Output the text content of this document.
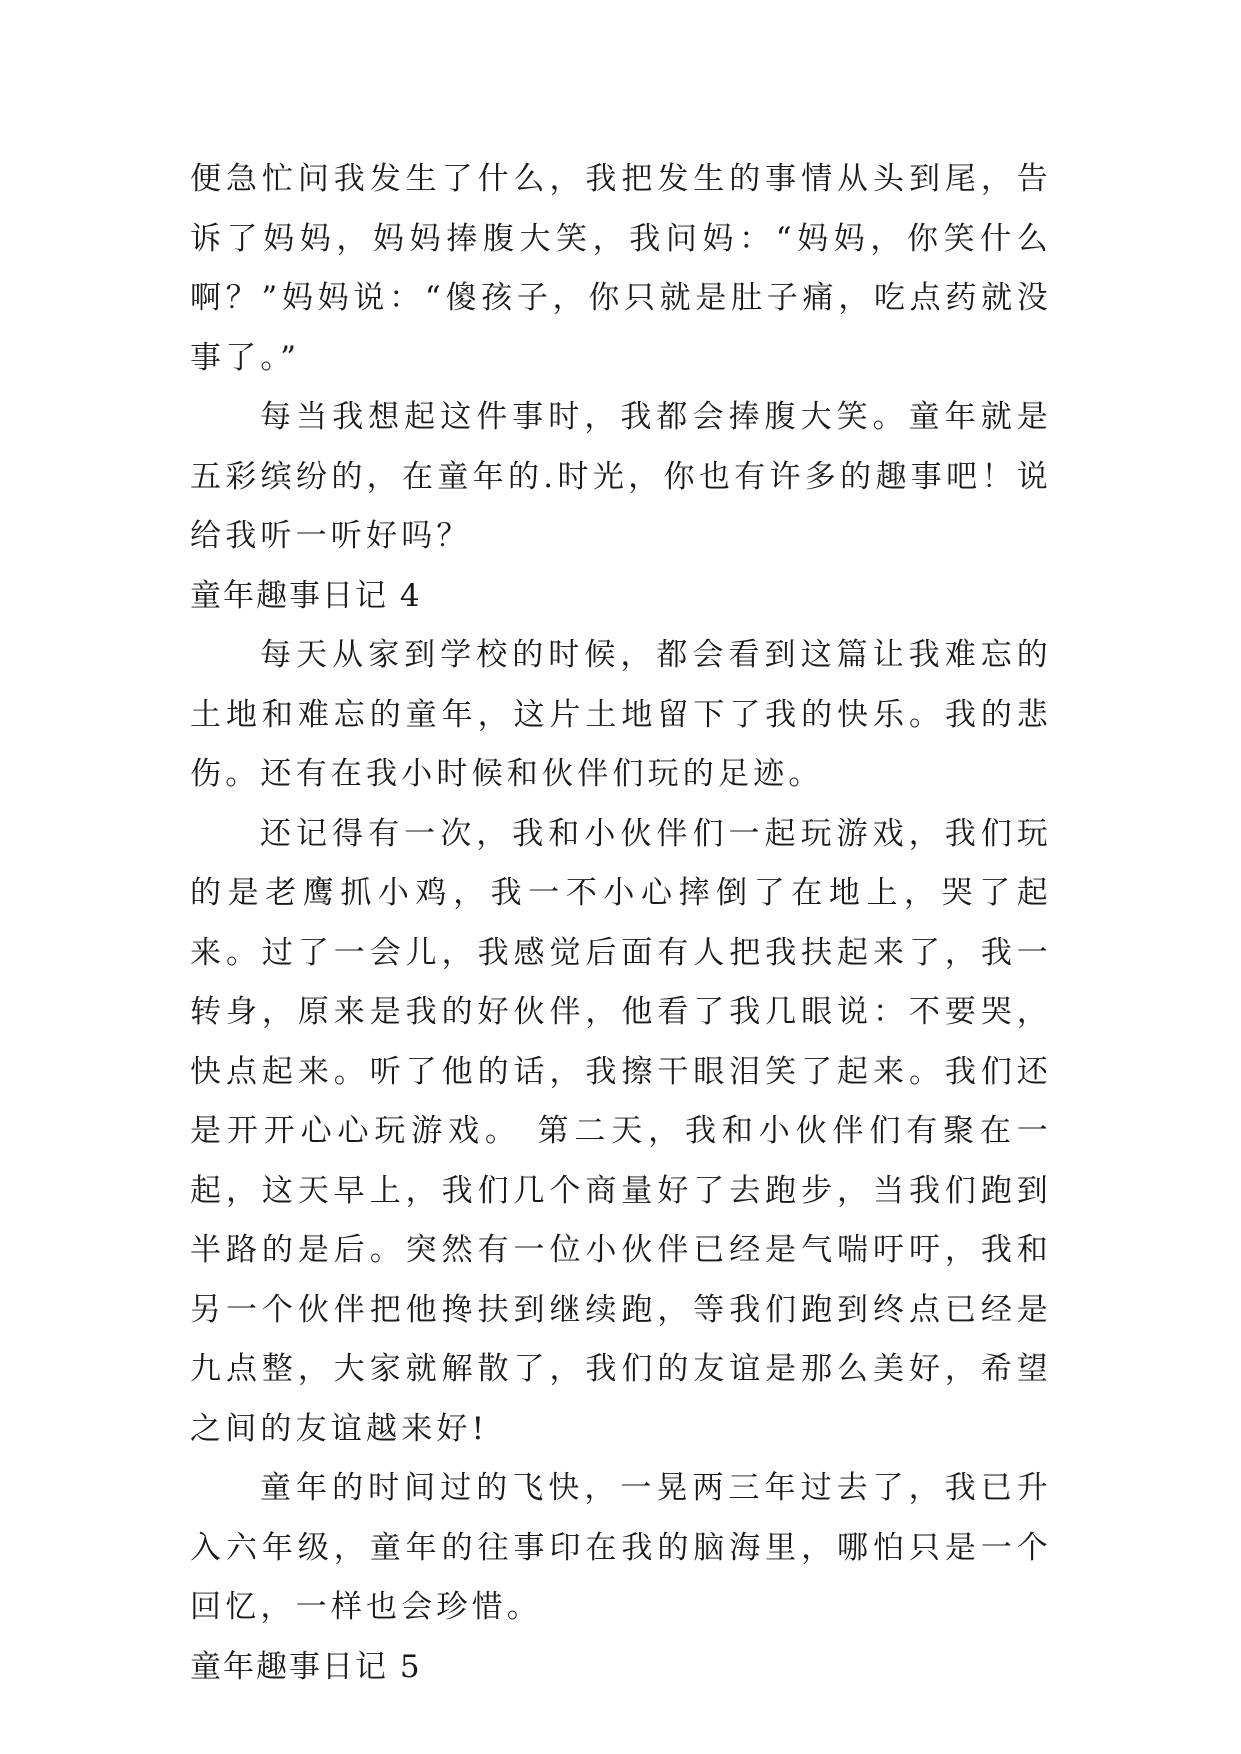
便急忙问我发生了什么，我把发生的事情从头到尾，告诉了妈妈，妈妈捧腹大笑，我问妈：“妈妈，你笑什么啊？”妈妈说：“傻孩子，你只就是肚子痛，吃点药就没事了。”

每当我想起这件事时，我都会捧腹大笑。童年就是五彩缤纷的，在童年的.时光，你也有许多的趣事吧！说给我听一听好吗？

童年趣事日记 4

每天从家到学校的时候，都会看到这篇让我难忘的土地和难忘的童年，这片土地留下了我的快乐。我的悲伤。还有在我小时候和伙伴们玩的足迹。

还记得有一次，我和小伙伴们一起玩游戏，我们玩的是老鹰抓小鸡，我一不小心摔倒了在地上，哭了起来。过了一会儿，我感觉后面有人把我扶起来了，我一转身，原来是我的好伙伴，他看了我几眼说：不要哭，快点起来。听了他的话，我擦干眼泪笑了起来。我们还是开开心心玩游戏。 第二天，我和小伙伴们有聚在一起，这天早上，我们几个商量好了去跑步，当我们跑到半路的是后。突然有一位小伙伴已经是气喘吁吁，我和另一个伙伴把他搀扶到继续跑，等我们跑到终点已经是九点整，大家就解散了，我们的友谊是那么美好，希望之间的友谊越来好!

童年的时间过的飞快，一晃两三年过去了，我已升入六年级，童年的往事印在我的脑海里，哪怕只是一个回忆，一样也会珍惜。

童年趣事日记 5
